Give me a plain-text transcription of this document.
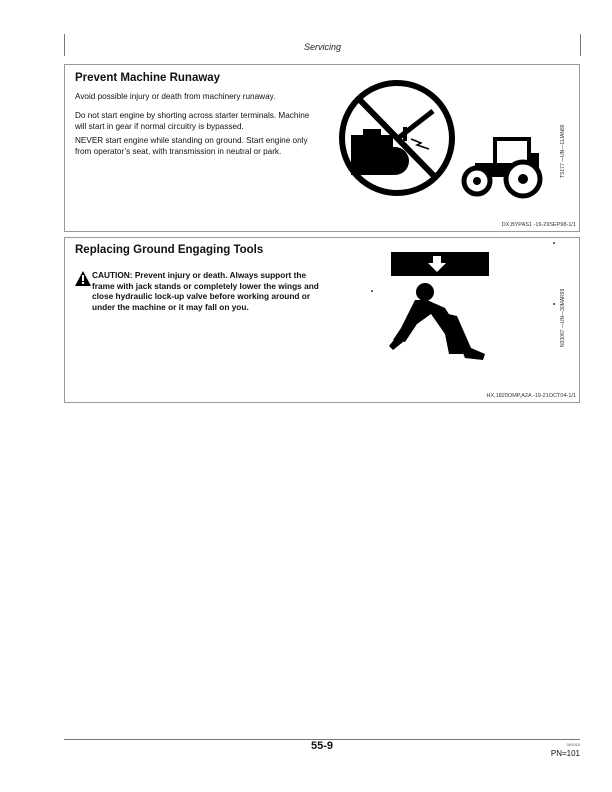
Servicing
Prevent Machine Runaway

Avoid possible injury or death from machinery runaway.

Do not start engine by shorting across starter terminals. Machine will start in gear if normal circuitry is bypassed.

NEVER start engine while standing on ground. Start engine only from operator’s seat, with transmission in neutral or park.	TS177 —UN—11JAN89
DX,BYPAS1 -19-29SEP98-1/1
Replacing Ground Engaging Tools
CAUTION: Prevent injury or death. Always support the frame with jack stands or completely lower the wings and close hydraulic lock-up valve before working around or under the machine or it may fall on you.	N33087 —UN—30MAR99
HX,1820OMP,A2A -19-21OCT04-1/1
55-9	092915
PN=101
